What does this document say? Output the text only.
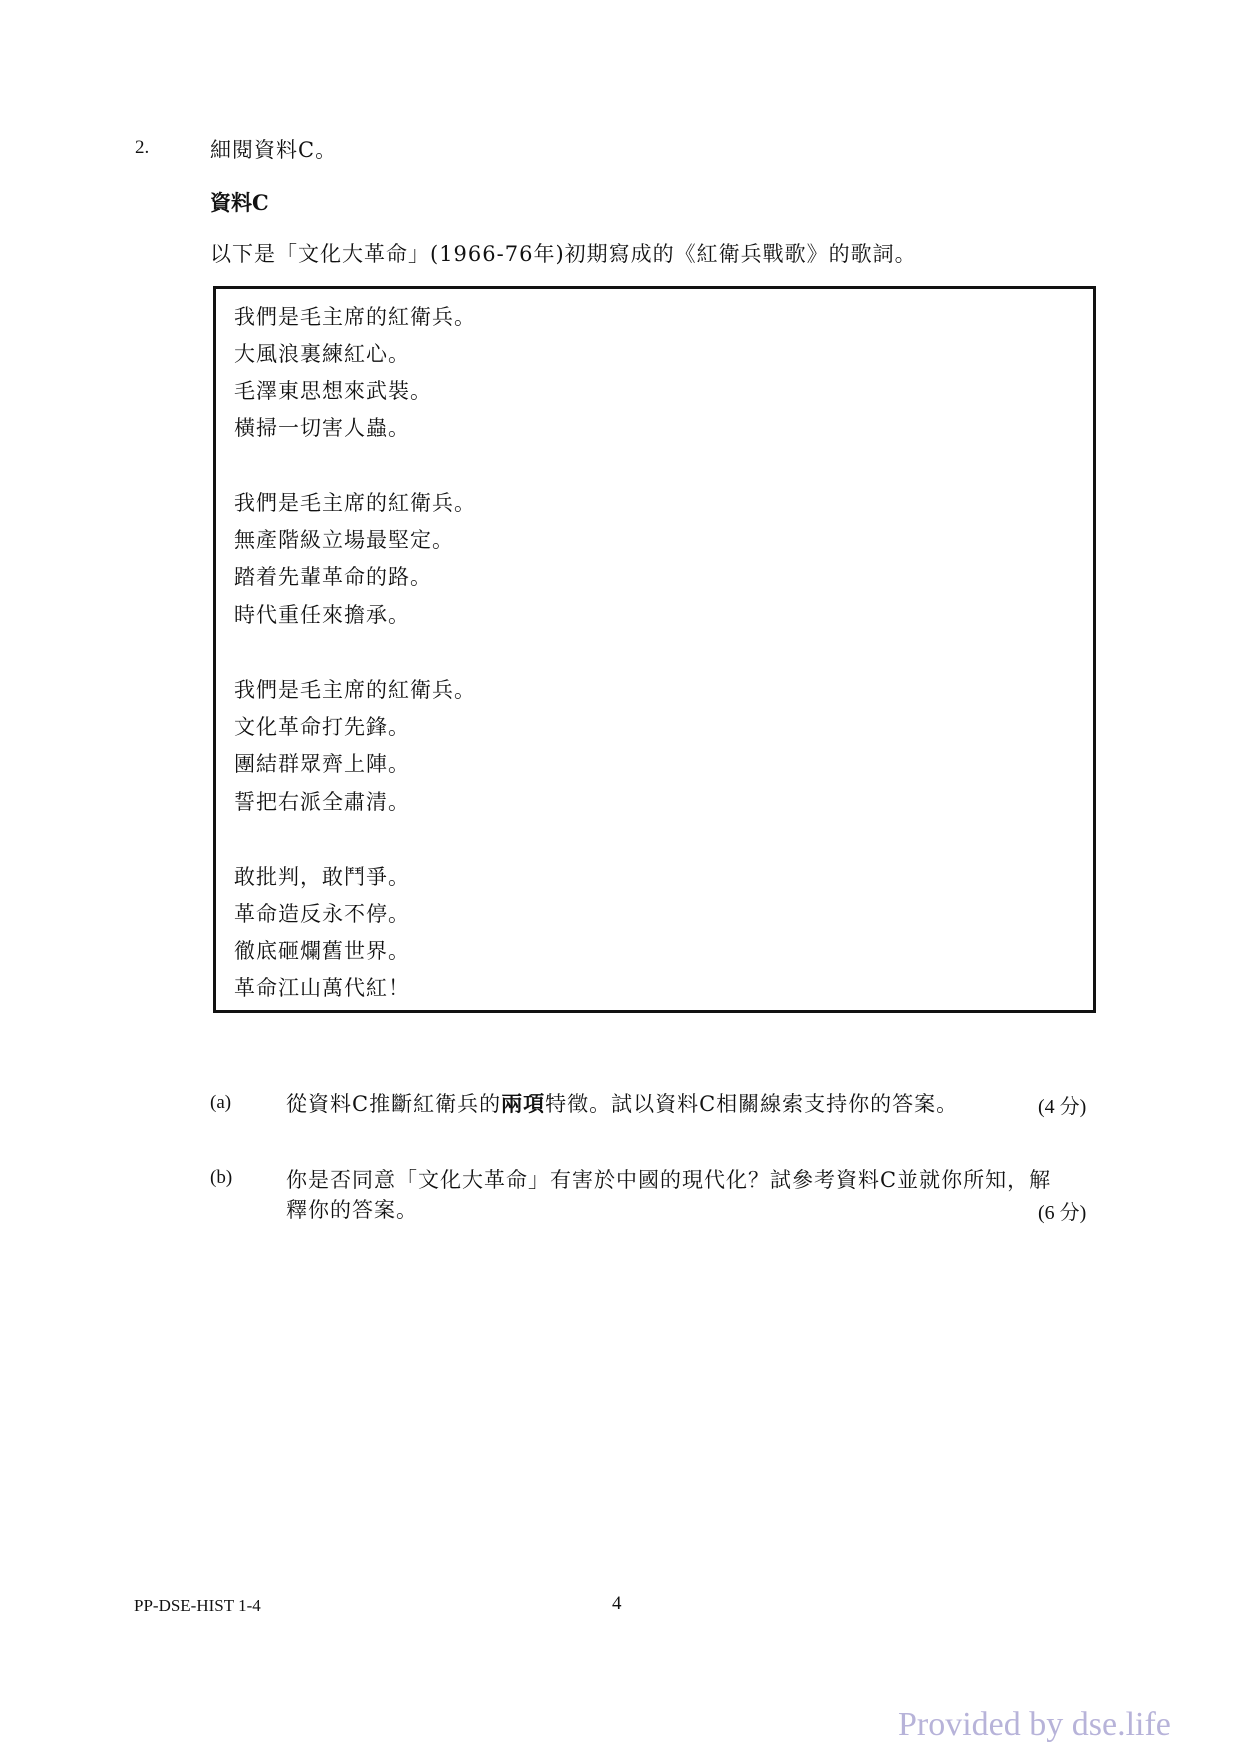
2.	細閱資料C。
資料C
以下是「文化大革命」(1966-76年)初期寫成的《紅衛兵戰歌》的歌詞。
我們是毛主席的紅衛兵。
大風浪裏練紅心。
毛澤東思想來武裝。
橫掃一切害人蟲。
我們是毛主席的紅衛兵。
無產階級立場最堅定。
踏着先輩革命的路。
時代重任來擔承。
我們是毛主席的紅衛兵。
文化革命打先鋒。
團結群眾齊上陣。
誓把右派全肅清。
敢批判，敢鬥爭。
革命造反永不停。
徹底砸爛舊世界。
革命江山萬代紅！
(a)	從資料C推斷紅衛兵的兩項特徵。試以資料C相關線索支持你的答案。	(4 分)
(b)	你是否同意「文化大革命」有害於中國的現代化？試參考資料C並就你所知，解
釋你的答案。	(6 分)
PP-DSE-HIST 1-4	4
Provided by dse.life
